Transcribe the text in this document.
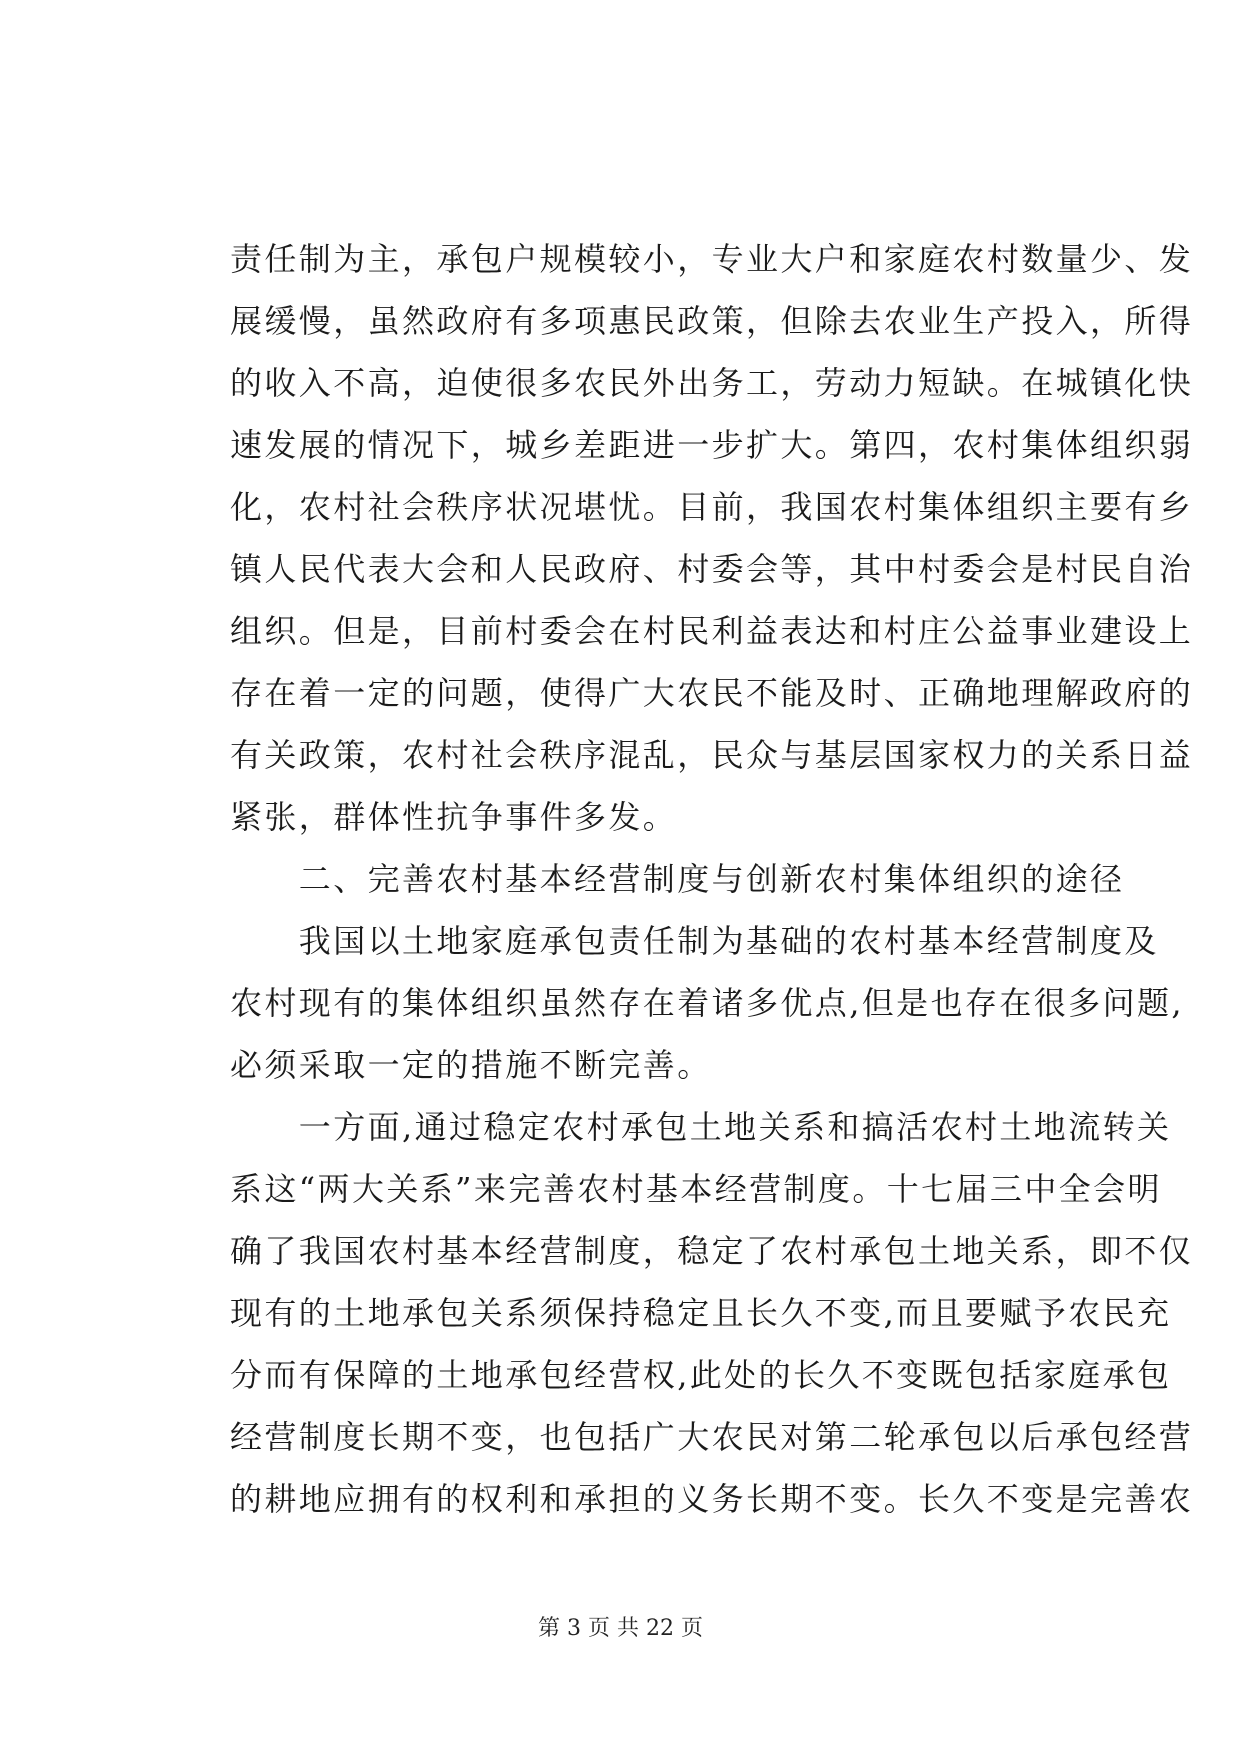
责任制为主，承包户规模较小，专业大户和家庭农村数量少、发
展缓慢，虽然政府有多项惠民政策，但除去农业生产投入，所得
的收入不高，迫使很多农民外出务工，劳动力短缺。在城镇化快
速发展的情况下，城乡差距进一步扩大。第四，农村集体组织弱
化，农村社会秩序状况堪忧。目前，我国农村集体组织主要有乡
镇人民代表大会和人民政府、村委会等，其中村委会是村民自治
组织。但是，目前村委会在村民利益表达和村庄公益事业建设上
存在着一定的问题，使得广大农民不能及时、正确地理解政府的
有关政策，农村社会秩序混乱，民众与基层国家权力的关系日益
紧张，群体性抗争事件多发。
　　二、完善农村基本经营制度与创新农村集体组织的途径
　　我国以土地家庭承包责任制为基础的农村基本经营制度及
农村现有的集体组织虽然存在着诸多优点,但是也存在很多问题,
必须采取一定的措施不断完善。
　　一方面,通过稳定农村承包土地关系和搞活农村土地流转关
系这“两大关系”来完善农村基本经营制度。十七届三中全会明
确了我国农村基本经营制度，稳定了农村承包土地关系，即不仅
现有的土地承包关系须保持稳定且长久不变,而且要赋予农民充
分而有保障的土地承包经营权,此处的长久不变既包括家庭承包
经营制度长期不变，也包括广大农民对第二轮承包以后承包经营
的耕地应拥有的权利和承担的义务长期不变。长久不变是完善农
第 3 页 共 22 页
